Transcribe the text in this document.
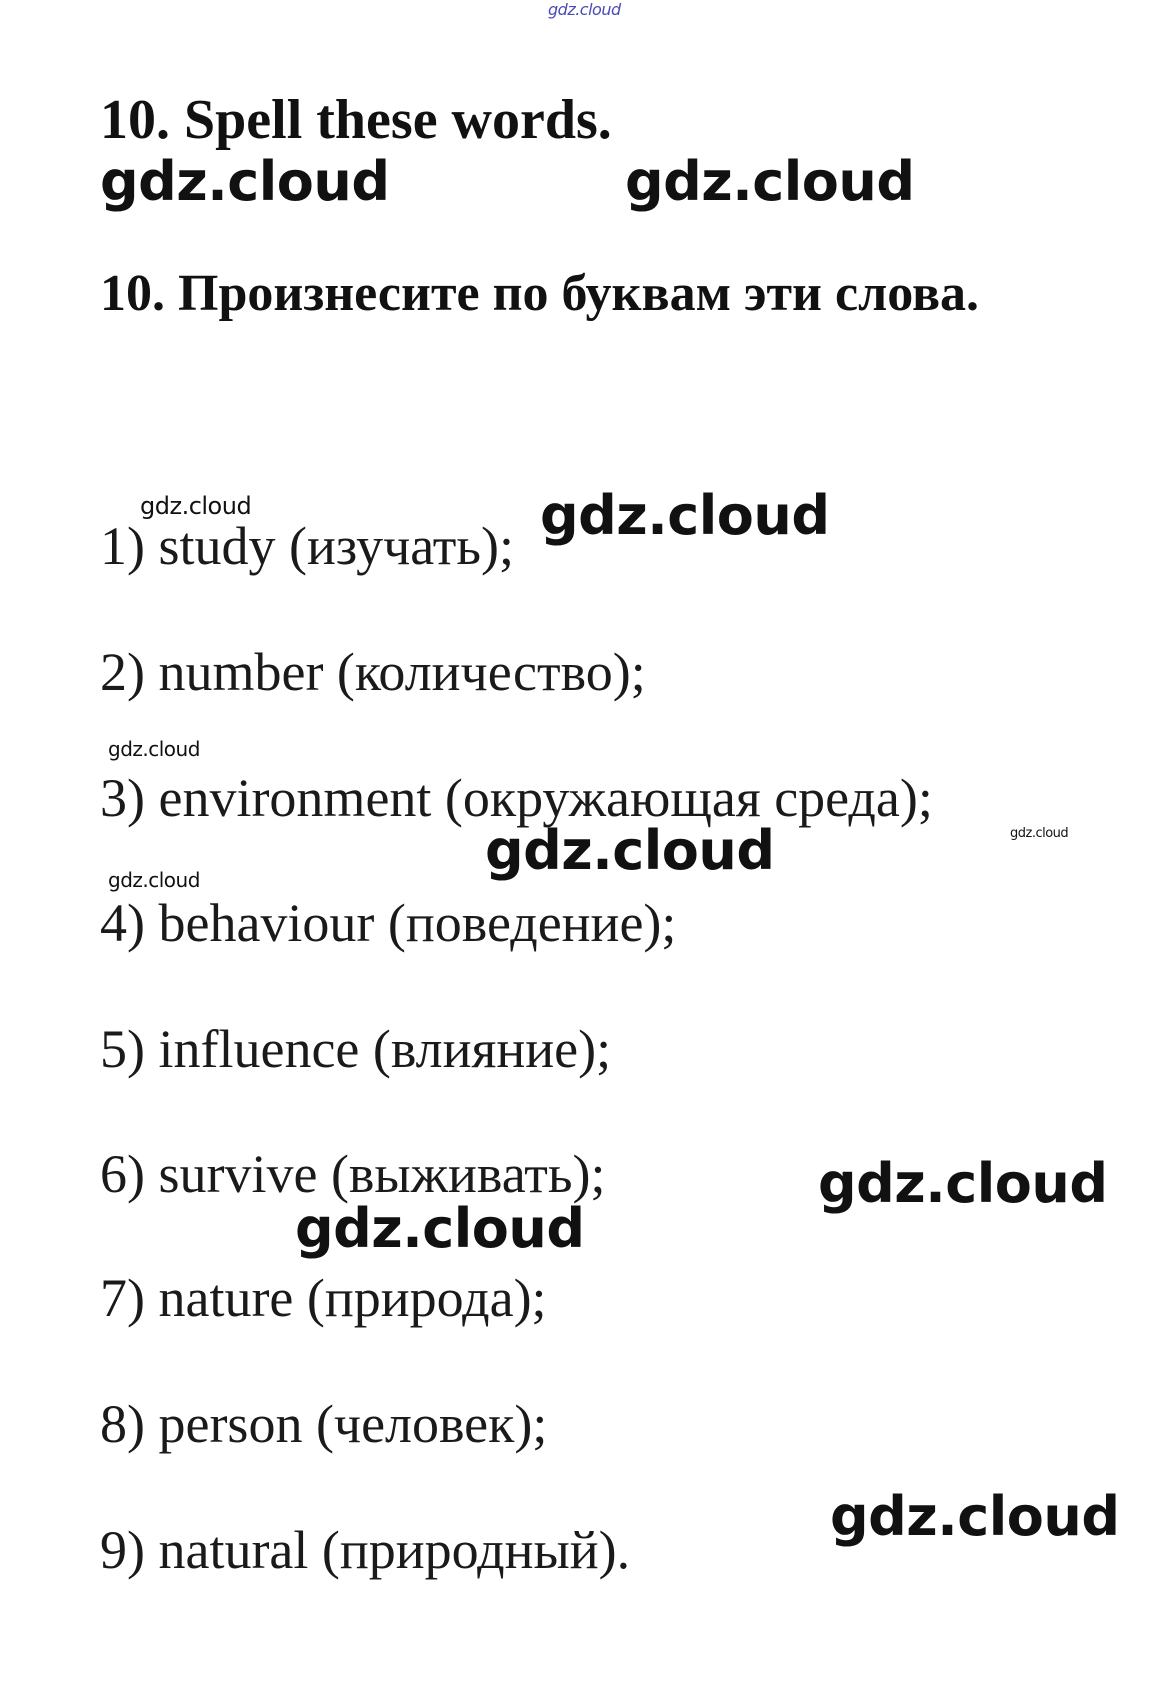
gdz.cloud
10. Spell these words.
gdz.cloud	gdz.cloud
10. Произнесите по буквам эти слова.
gdz.cloud	gdz.cloud
1) study (изучать);
2) number (количество);
gdz.cloud
3) environment (окружающая среда);
gdz.cloud
gdz.cloud
gdz.cloud
4) behaviour (поведение);
5) influence (влияние);
6) survive (выживать);	gdz.cloud
gdz.cloud
7) nature (природа);
8) person (человек);
gdz.cloud
9) natural (природный).
